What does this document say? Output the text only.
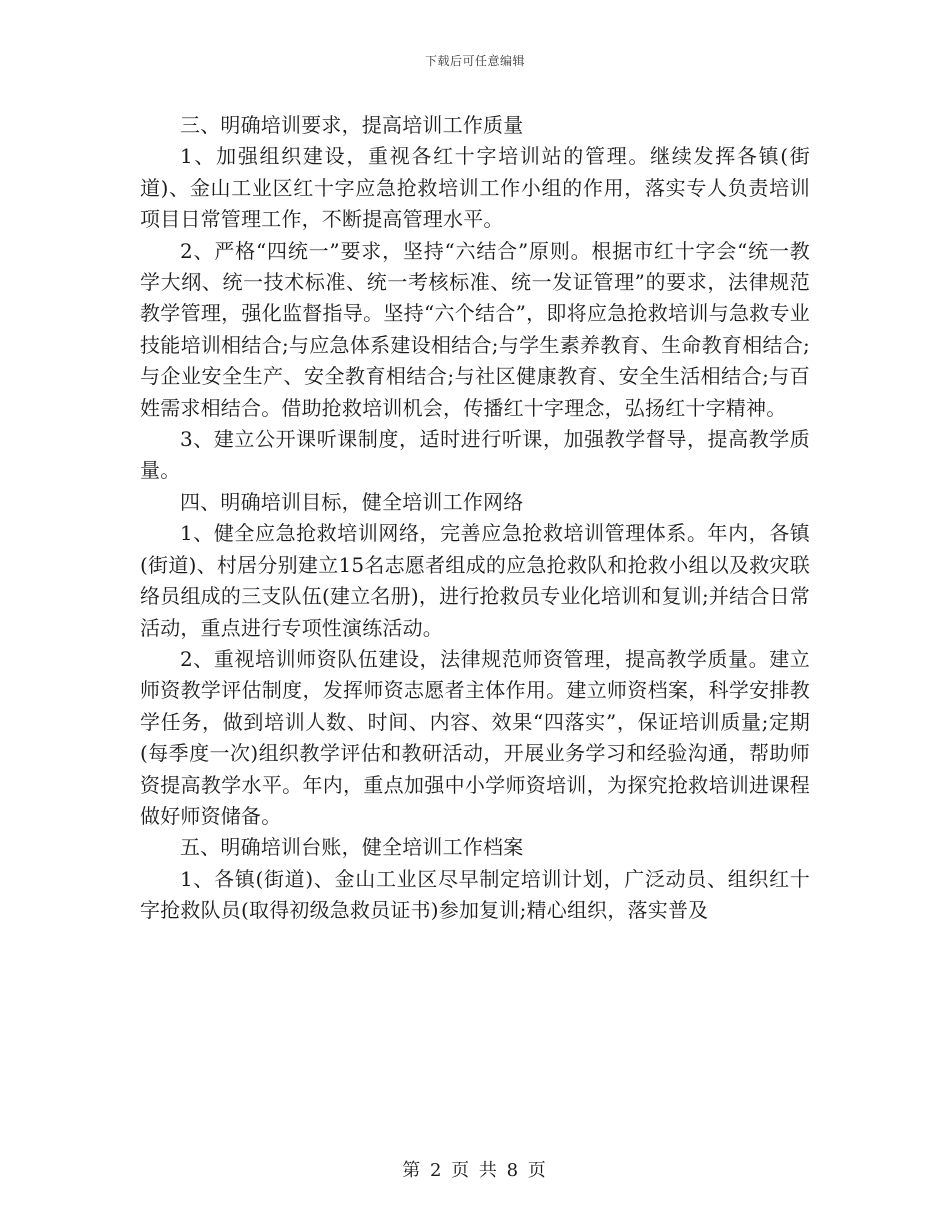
下载后可任意编辑

三、明确培训要求，提高培训工作质量

1、加强组织建设，重视各红十字培训站的管理。继续发挥各镇(街道)、金山工业区红十字应急抢救培训工作小组的作用，落实专人负责培训项目日常管理工作，不断提高管理水平。

2、严格“四统一”要求，坚持“六结合”原则。根据市红十字会“统一教学大纲、统一技术标准、统一考核标准、统一发证管理”的要求，法律规范教学管理，强化监督指导。坚持“六个结合”，即将应急抢救培训与急救专业技能培训相结合;与应急体系建设相结合;与学生素养教育、生命教育相结合;与企业安全生产、安全教育相结合;与社区健康教育、安全生活相结合;与百姓需求相结合。借助抢救培训机会，传播红十字理念，弘扬红十字精神。

3、建立公开课听课制度，适时进行听课，加强教学督导，提高教学质量。

四、明确培训目标，健全培训工作网络

1、健全应急抢救培训网络，完善应急抢救培训管理体系。年内，各镇(街道)、村居分别建立15名志愿者组成的应急抢救队和抢救小组以及救灾联络员组成的三支队伍(建立名册)，进行抢救员专业化培训和复训;并结合日常活动，重点进行专项性演练活动。

2、重视培训师资队伍建设，法律规范师资管理，提高教学质量。建立师资教学评估制度，发挥师资志愿者主体作用。建立师资档案，科学安排教学任务，做到培训人数、时间、内容、效果“四落实”，保证培训质量;定期(每季度一次)组织教学评估和教研活动，开展业务学习和经验沟通，帮助师资提高教学水平。年内，重点加强中小学师资培训，为探究抢救培训进课程做好师资储备。

五、明确培训台账，健全培训工作档案

1、各镇(街道)、金山工业区尽早制定培训计划，广泛动员、组织红十字抢救队员(取得初级急救员证书)参加复训;精心组织，落实普及

第 2 页 共 8 页
